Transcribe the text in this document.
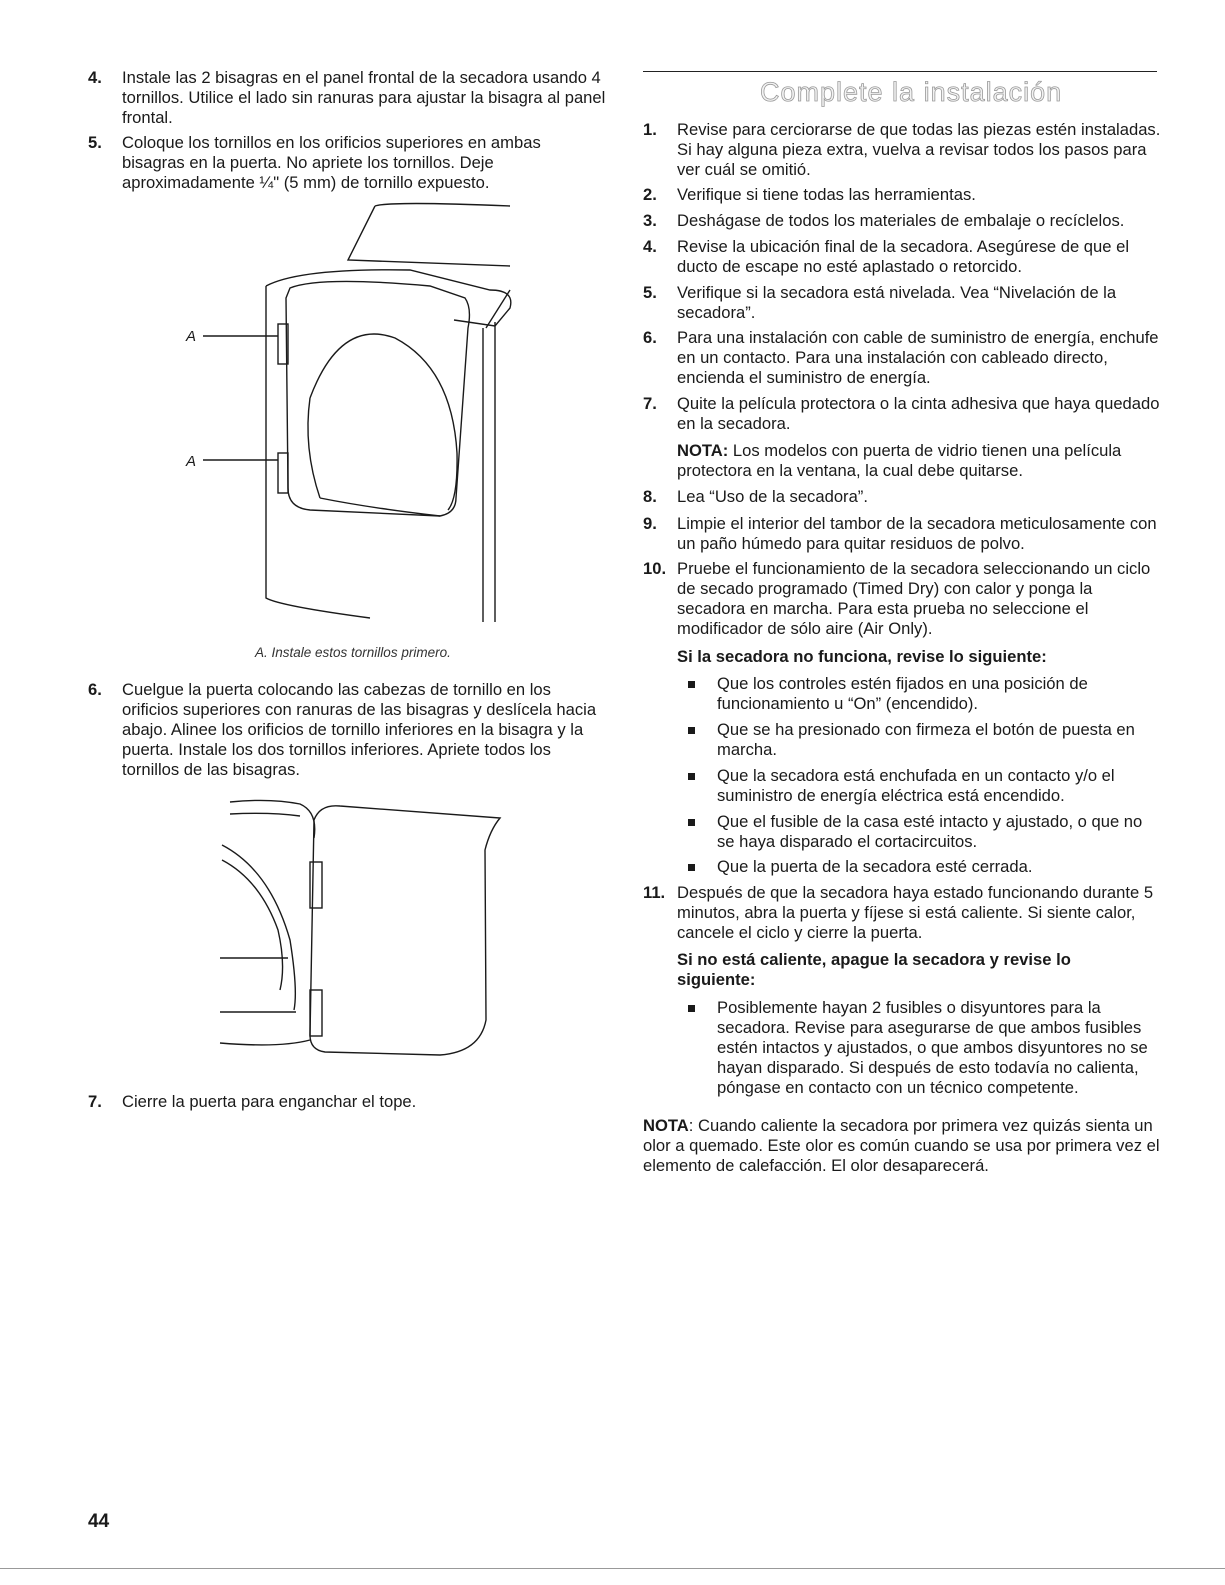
4.	Instale las 2 bisagras en el panel frontal de la secadora usando 4 tornillos. Utilice el lado sin ranuras para ajustar la bisagra al panel frontal.
5.	Coloque los tornillos en los orificios superiores en ambas bisagras en la puerta. No apriete los tornillos. Deje aproximadamente ¼" (5 mm) de tornillo expuesto.
A
A
A. Instale estos tornillos primero.
6.	Cuelgue la puerta colocando las cabezas de tornillo en los orificios superiores con ranuras de las bisagras y deslícela hacia abajo. Alinee los orificios de tornillo inferiores en la bisagra y la puerta. Instale los dos tornillos inferiores. Apriete todos los tornillos de las bisagras.
7.	Cierre la puerta para enganchar el tope.
Complete la instalación
1.	Revise para cerciorarse de que todas las piezas estén instaladas. Si hay alguna pieza extra, vuelva a revisar todos los pasos para ver cuál se omitió.
2.	Verifique si tiene todas las herramientas.
3.	Deshágase de todos los materiales de embalaje o recíclelos.
4.	Revise la ubicación final de la secadora. Asegúrese de que el ducto de escape no esté aplastado o retorcido.
5.	Verifique si la secadora está nivelada. Vea “Nivelación de la secadora”.
6.	Para una instalación con cable de suministro de energía, enchufe en un contacto. Para una instalación con cableado directo, encienda el suministro de energía.
7.	Quite la película protectora o la cinta adhesiva que haya quedado en la secadora.
NOTA: Los modelos con puerta de vidrio tienen una película protectora en la ventana, la cual debe quitarse.
8.	Lea “Uso de la secadora”.
9.	Limpie el interior del tambor de la secadora meticulosamente con un paño húmedo para quitar residuos de polvo.
10. Pruebe el funcionamiento de la secadora seleccionando un ciclo de secado programado (Timed Dry) con calor y ponga la secadora en marcha. Para esta prueba no seleccione el modificador de sólo aire (Air Only).
Si la secadora no funciona, revise lo siguiente:
Que los controles estén fijados en una posición de funcionamiento u “On” (encendido).
Que se ha presionado con firmeza el botón de puesta en marcha.
Que la secadora está enchufada en un contacto y/o el suministro de energía eléctrica está encendido.
Que el fusible de la casa esté intacto y ajustado, o que no se haya disparado el cortacircuitos.
Que la puerta de la secadora esté cerrada.
11. Después de que la secadora haya estado funcionando durante 5 minutos, abra la puerta y fíjese si está caliente. Si siente calor, cancele el ciclo y cierre la puerta.
Si no está caliente, apague la secadora y revise lo siguiente:
Posiblemente hayan 2 fusibles o disyuntores para la secadora. Revise para asegurarse de que ambos fusibles estén intactos y ajustados, o que ambos disyuntores no se hayan disparado. Si después de esto todavía no calienta, póngase en contacto con un técnico competente.
NOTA: Cuando caliente la secadora por primera vez quizás sienta un olor a quemado. Este olor es común cuando se usa por primera vez el elemento de calefacción. El olor desaparecerá.
44
